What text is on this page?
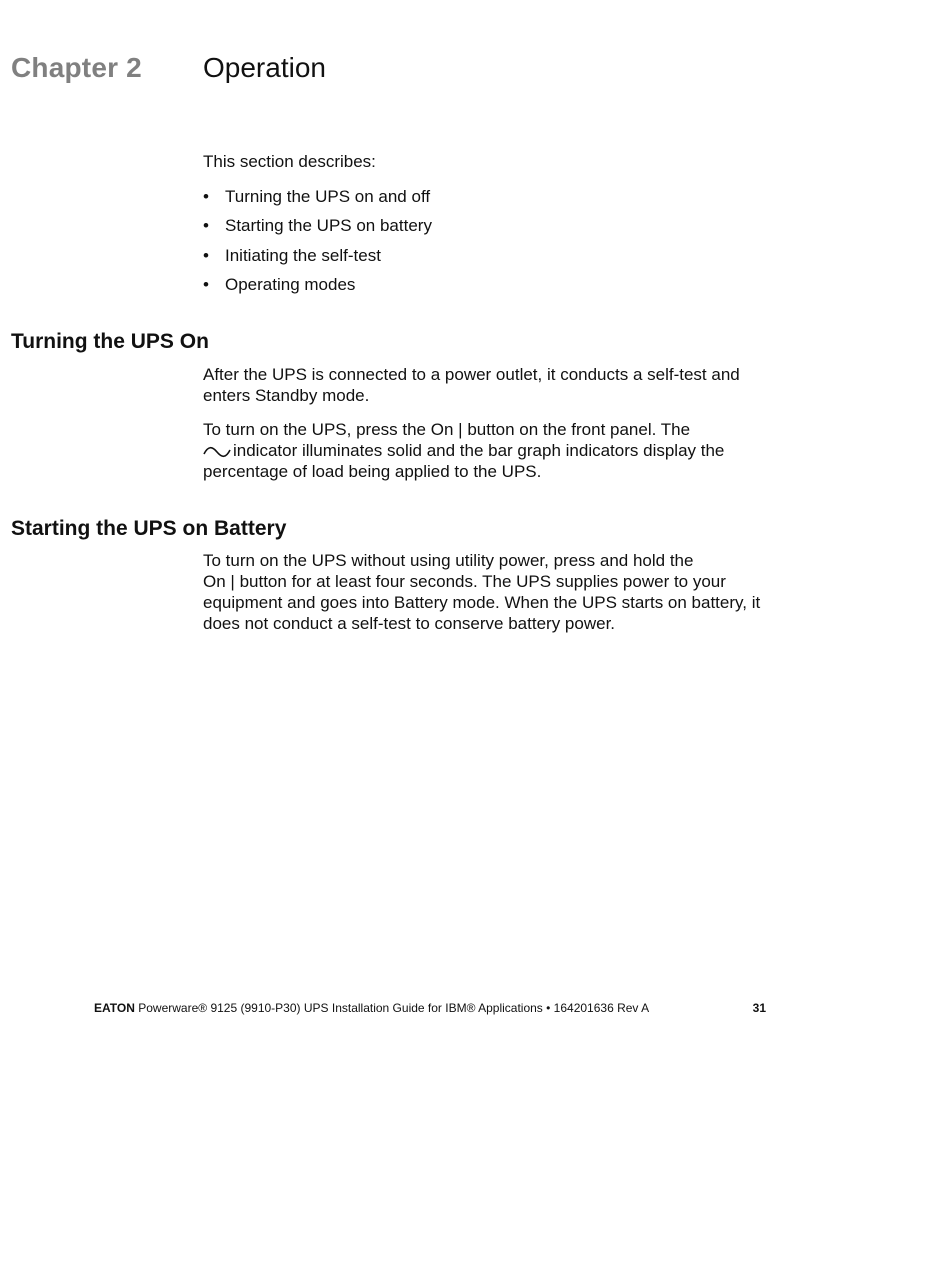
Chapter 2 Operation
This section describes:
• Turning the UPS on and off
• Starting the UPS on battery
• Initiating the self-test
• Operating modes
Turning the UPS On

After the UPS is connected to a power outlet, it conducts a self-test and enters Standby mode.

To turn on the UPS, press the On | button on the front panel. The
indicator illuminates solid and the bar graph indicators display the percentage of load being applied to the UPS.

Starting the UPS on Battery

To turn on the UPS without using utility power, press and hold the
On | button for at least four seconds. The UPS supplies power to your equipment and goes into Battery mode. When the UPS starts on battery, it does not conduct a self-test to conserve battery power.

EATON Powerware® 9125 (9910-P30) UPS Installation Guide for IBM® Applications • 164201636 Rev A	31
